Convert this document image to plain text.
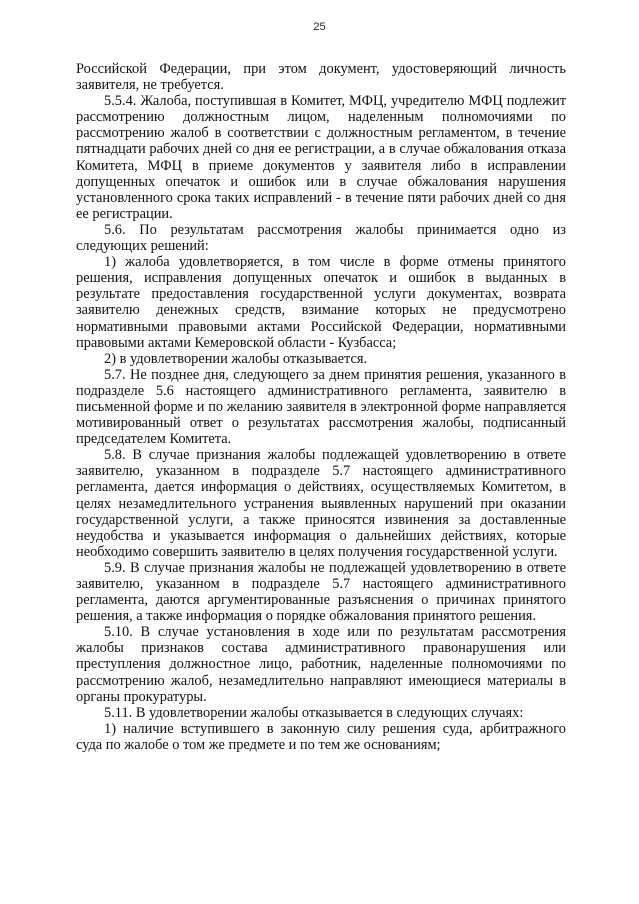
25

Российской Федерации, при этом документ, удостоверяющий личность заявителя, не требуется.

5.5.4. Жалоба, поступившая в Комитет, МФЦ, учредителю МФЦ подлежит рассмотрению должностным лицом, наделенным полномочиями по рассмотрению жалоб в соответствии с должностным регламентом, в течение пятнадцати рабочих дней со дня ее регистрации, а в случае обжалования отказа Комитета, МФЦ в приеме документов у заявителя либо в исправлении допущенных опечаток и ошибок или в случае обжалования нарушения установленного срока таких исправлений - в течение пяти рабочих дней со дня ее регистрации.

5.6. По результатам рассмотрения жалобы принимается одно из следующих решений:

1) жалоба удовлетворяется, в том числе в форме отмены принятого решения, исправления допущенных опечаток и ошибок в выданных в результате предоставления государственной услуги документах, возврата заявителю денежных средств, взимание которых не предусмотрено нормативными правовыми актами Российской Федерации, нормативными правовыми актами Кемеровской области - Кузбасса;

2) в удовлетворении жалобы отказывается.

5.7. Не позднее дня, следующего за днем принятия решения, указанного в подразделе 5.6 настоящего административного регламента, заявителю в письменной форме и по желанию заявителя в электронной форме направляется мотивированный ответ о результатах рассмотрения жалобы, подписанный председателем Комитета.

5.8. В случае признания жалобы подлежащей удовлетворению в ответе заявителю, указанном в подразделе 5.7 настоящего административного регламента, дается информация о действиях, осуществляемых Комитетом, в целях незамедлительного устранения выявленных нарушений при оказании государственной услуги, а также приносятся извинения за доставленные неудобства и указывается информация о дальнейших действиях, которые необходимо совершить заявителю в целях получения государственной услуги.

5.9. В случае признания жалобы не подлежащей удовлетворению в ответе заявителю, указанном в подразделе 5.7 настоящего административного регламента, даются аргументированные разъяснения о причинах принятого решения, а также информация о порядке обжалования принятого решения.

5.10. В случае установления в ходе или по результатам рассмотрения жалобы признаков состава административного правонарушения или преступления должностное лицо, работник, наделенные полномочиями по рассмотрению жалоб, незамедлительно направляют имеющиеся материалы в органы прокуратуры.

5.11. В удовлетворении жалобы отказывается в следующих случаях:

1) наличие вступившего в законную силу решения суда, арбитражного суда по жалобе о том же предмете и по тем же основаниям;
